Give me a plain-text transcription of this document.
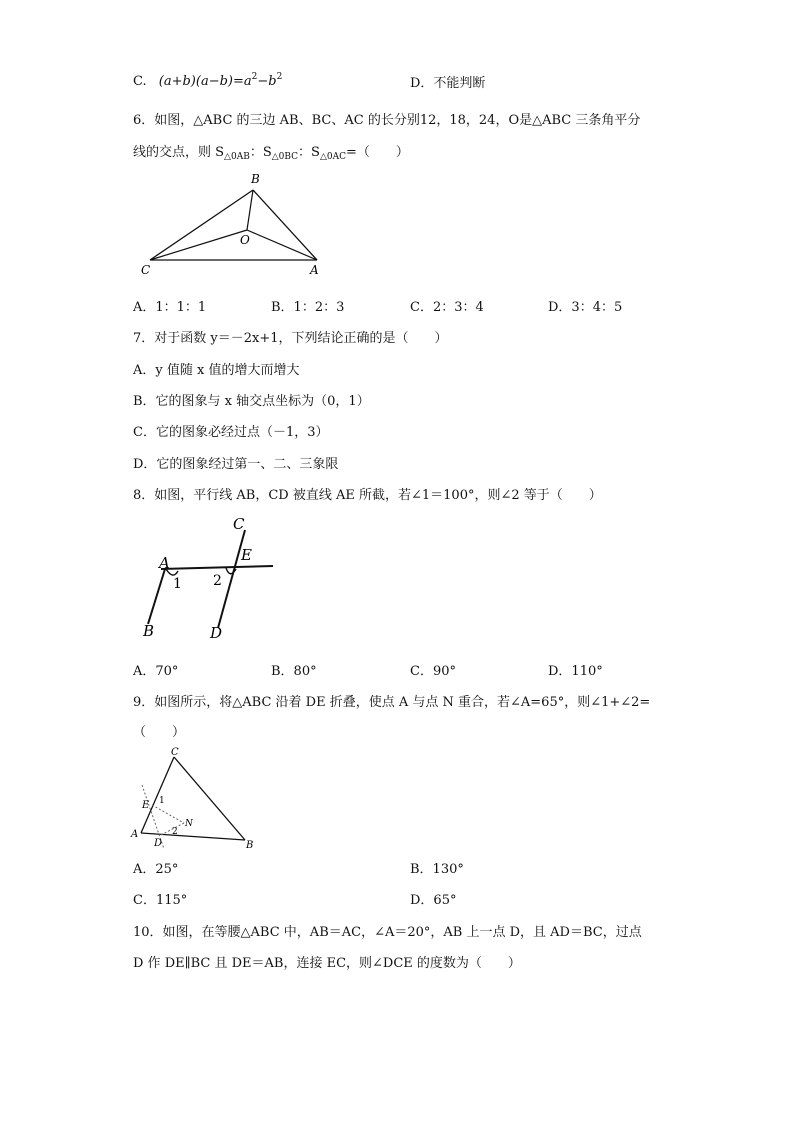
C. $(a+b)(a-b)=a^2-b^2$	D．不能判断
6．如图，△ABC 的三边 AB、BC、AC 的长分别12，18，24，O是△ABC 三条角平分
线的交点，则 $S_{\triangle 0AB}$：$S_{\triangle 0BC}$：$S_{\triangle 0AC}=$（　　）
B
O
C	A
A．1：1：1	B．1：2：3	C．2：3：4	D．3：4：5
7．对于函数 y＝－2x+1，下列结论正确的是（　　）
A．y 值随 x 值的增大而增大
B．它的图象与 x 轴交点坐标为（0，1）
C．它的图象必经过点（－1，3）
D．它的图象经过第一、二、三象限
8．如图，平行线 AB，CD 被直线 AE 所截，若∠1＝100°，则∠2 等于（　　）
A
B
C
D
E
1 2
A．70°	B．80°	C．90°	D．110°
9．如图所示，将△ABC 沿着 DE 折叠，使点 A 与点 N 重合，若∠A=65°，则∠1+∠2=
（　　）
C
E 1
N
A
D
2
B
A．25°	B．130°
C．115°	D．65°
10．如图，在等腰△ABC 中，AB＝AC，∠A＝20°，AB 上一点 D，且 AD＝BC，过点
D 作 DE∥BC 且 DE＝AB，连接 EC，则∠DCE 的度数为（　　）
